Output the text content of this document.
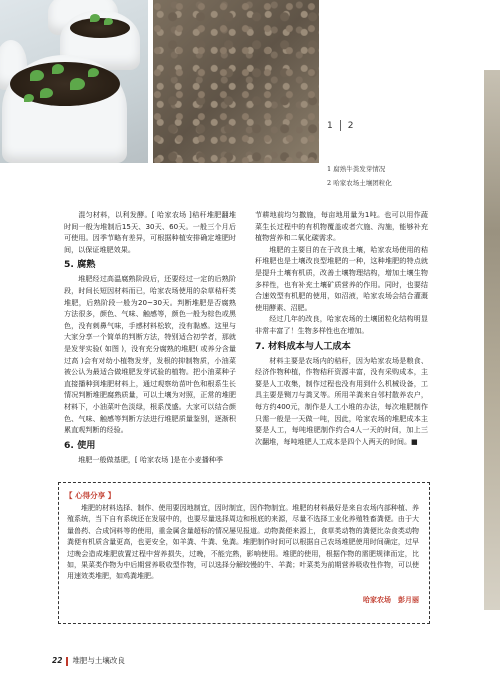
1 2
1 腐熟牛粪发芽情况
2 哈家农场土壤团粒化

混匀材料，以利发酵。[ 哈家农场 ]秸秆堆肥翻堆时间一般为堆制后15天、30天、60天。一般三个月后可使用。因季节略有差异，可根据种植安排确定堆肥时间，以保证堆肥效果。

5. 腐熟

堆肥经过高温腐熟阶段后，还要经过一定的后熟阶段，时间长短因材料而已，哈家农场使用的杂草秸秆类堆肥，后熟阶段一般为20~30天。判断堆肥是否腐熟方法很多，颜色、气味、触感等，颜色一般为棕色或黑色，没有刺鼻气味，手感材料松软，没有黏感。这里与大家分享一个简单的判断方法，特别适合初学者，那就是发芽实验( 如图 )，没有充分腐熟的堆肥( 或养分含量过高 )会有对幼小植物发芽，发根的抑制物质，小油菜被公认为最适合做堆肥发芽试验的植物。把小油菜种子直接播种到堆肥材料上，通过观察幼苗叶色和根系生长情况判断堆肥腐熟质量，可以土壤为对照，正常的堆肥材料下，小油菜叶色淡绿，根系茂盛。大家可以结合颜色、气味、触感等判断方法进行堆肥质量鉴别，逐渐积累直观判断的经验。

6. 使用

堆肥一般做基肥，[ 哈家农场 ]是在小麦播种季

节耕地前均匀撒施，每亩地用量为1吨。也可以用作蔬菜生长过程中的有机物覆盖或者穴施、沟施，能够补充植物营养和二氧化碳需求。

堆肥的主要目的在于改良土壤，哈家农场使用的秸秆堆肥也是土壤改良型堆肥的一种，这种堆肥的特点就是提升土壤有机质，改善土壤物理结构，增加土壤生物多样性，也有补充土壤矿质营养的作用。同时，也要结合速效型有机肥的使用，如沼液，哈家农场会结合灌溉使用酵素、沼肥。

经过几年的改良，哈家农场的土壤团粒化结构明显非常丰富了！生物多样性也在增加。

7. 材料成本与人工成本

材料主要是农场内的秸秆，因为哈家农场是粮食、经济作物种植，作物秸秆资源丰富，没有采购成本，主要是人工收集，制作过程也没有用到什么机械设备，工具主要是铡刀与粪叉等。所用羊粪来自邻村散养农户，每方约400元，制作是人工小堆的办法，每次堆肥制作只需一般是一天做一吨，因此，哈家农场的堆肥成本主要是人工，每吨堆肥制作约合4人一天的时间，加上三次翻堆，每吨堆肥人工成本是四个人两天的时间。■

【 心得分享 】
堆肥的材料选择、制作、使用要因地制宜，因时制宜，因作物制宜。堆肥的材料最好是来自农场内部种植、养殖系统，当下自有系统还在发展中的，也要尽量选择周边和根底的来源，尽量不选择工业化养殖牲畜粪便。由于大量兽药、合成饲料等的使用，重金属含量超标的情况屡见报道。动物粪便来源上，食草类动物的粪便比杂食类动物粪便有机质含量更高，也更安全，如羊粪、牛粪、兔粪。堆肥制作时间可以根据自己农场堆肥使用时间确定，过早过晚会造成堆肥放置过程中营养损失，过晚，不能完熟，影响使用。堆肥的使用，根据作物的需肥规律而定，比如，果菜类作物为中后期营养吸收型作物，可以选择分解较慢的牛、羊粪；叶菜类为前期营养吸收性作物，可以使用速效类堆肥，如鸡粪堆肥。
哈家农场　彭月丽
22 堆肥与土壤改良
